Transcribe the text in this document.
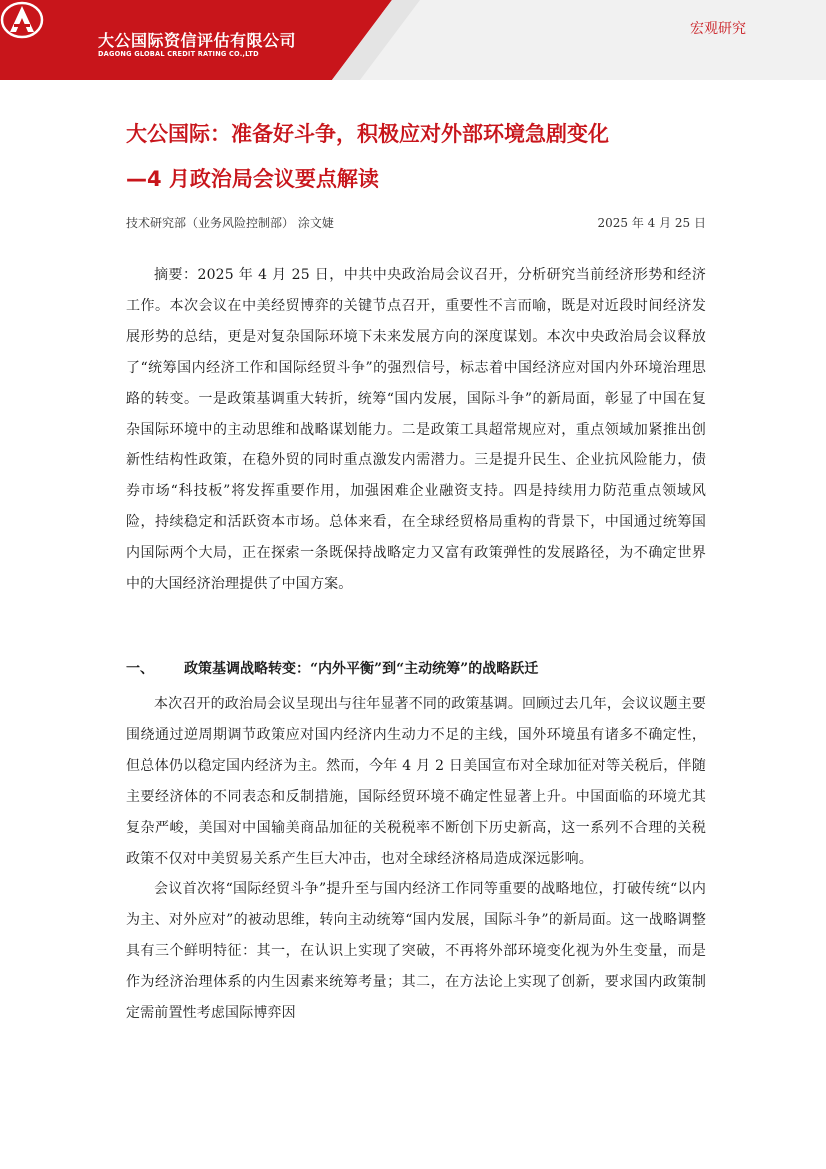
大公国际资信评估有限公司
DAGONG GLOBAL CREDIT RATING CO.,LTD
宏观研究
大公国际：准备好斗争，积极应对外部环境急剧变化
—4 月政治局会议要点解读
技术研究部（业务风险控制部） 涂文婕	2025 年 4 月 25 日

摘要：2025 年 4 月 25 日，中共中央政治局会议召开，分析研究当前经济形势和经济工作。本次会议在中美经贸博弈的关键节点召开，重要性不言而喻，既是对近段时间经济发展形势的总结，更是对复杂国际环境下未来发展方向的深度谋划。本次中央政治局会议释放了“统筹国内经济工作和国际经贸斗争”的强烈信号，标志着中国经济应对国内外环境治理思路的转变。一是政策基调重大转折，统筹“国内发展，国际斗争”的新局面，彰显了中国在复杂国际环境中的主动思维和战略谋划能力。二是政策工具超常规应对，重点领域加紧推出创新性结构性政策，在稳外贸的同时重点激发内需潜力。三是提升民生、企业抗风险能力，债券市场“科技板”将发挥重要作用，加强困难企业融资支持。四是持续用力防范重点领域风险，持续稳定和活跃资本市场。总体来看，在全球经贸格局重构的背景下，中国通过统筹国内国际两个大局，正在探索一条既保持战略定力又富有政策弹性的发展路径，为不确定世界中的大国经济治理提供了中国方案。

一、	政策基调战略转变：“内外平衡”到“主动统筹”的战略跃迁

本次召开的政治局会议呈现出与往年显著不同的政策基调。回顾过去几年，会议议题主要围绕通过逆周期调节政策应对国内经济内生动力不足的主线，国外环境虽有诸多不确定性，但总体仍以稳定国内经济为主。然而，今年 4 月 2 日美国宣布对全球加征对等关税后，伴随主要经济体的不同表态和反制措施，国际经贸环境不确定性显著上升。中国面临的环境尤其复杂严峻，美国对中国输美商品加征的关税税率不断创下历史新高，这一系列不合理的关税政策不仅对中美贸易关系产生巨大冲击，也对全球经济格局造成深远影响。

会议首次将“国际经贸斗争”提升至与国内经济工作同等重要的战略地位，打破传统“以内为主、对外应对”的被动思维，转向主动统筹“国内发展，国际斗争”的新局面。这一战略调整具有三个鲜明特征：其一，在认识上实现了突破，不再将外部环境变化视为外生变量，而是作为经济治理体系的内生因素来统筹考量；其二，在方法论上实现了创新，要求国内政策制定需前置性考虑国际博弈因
